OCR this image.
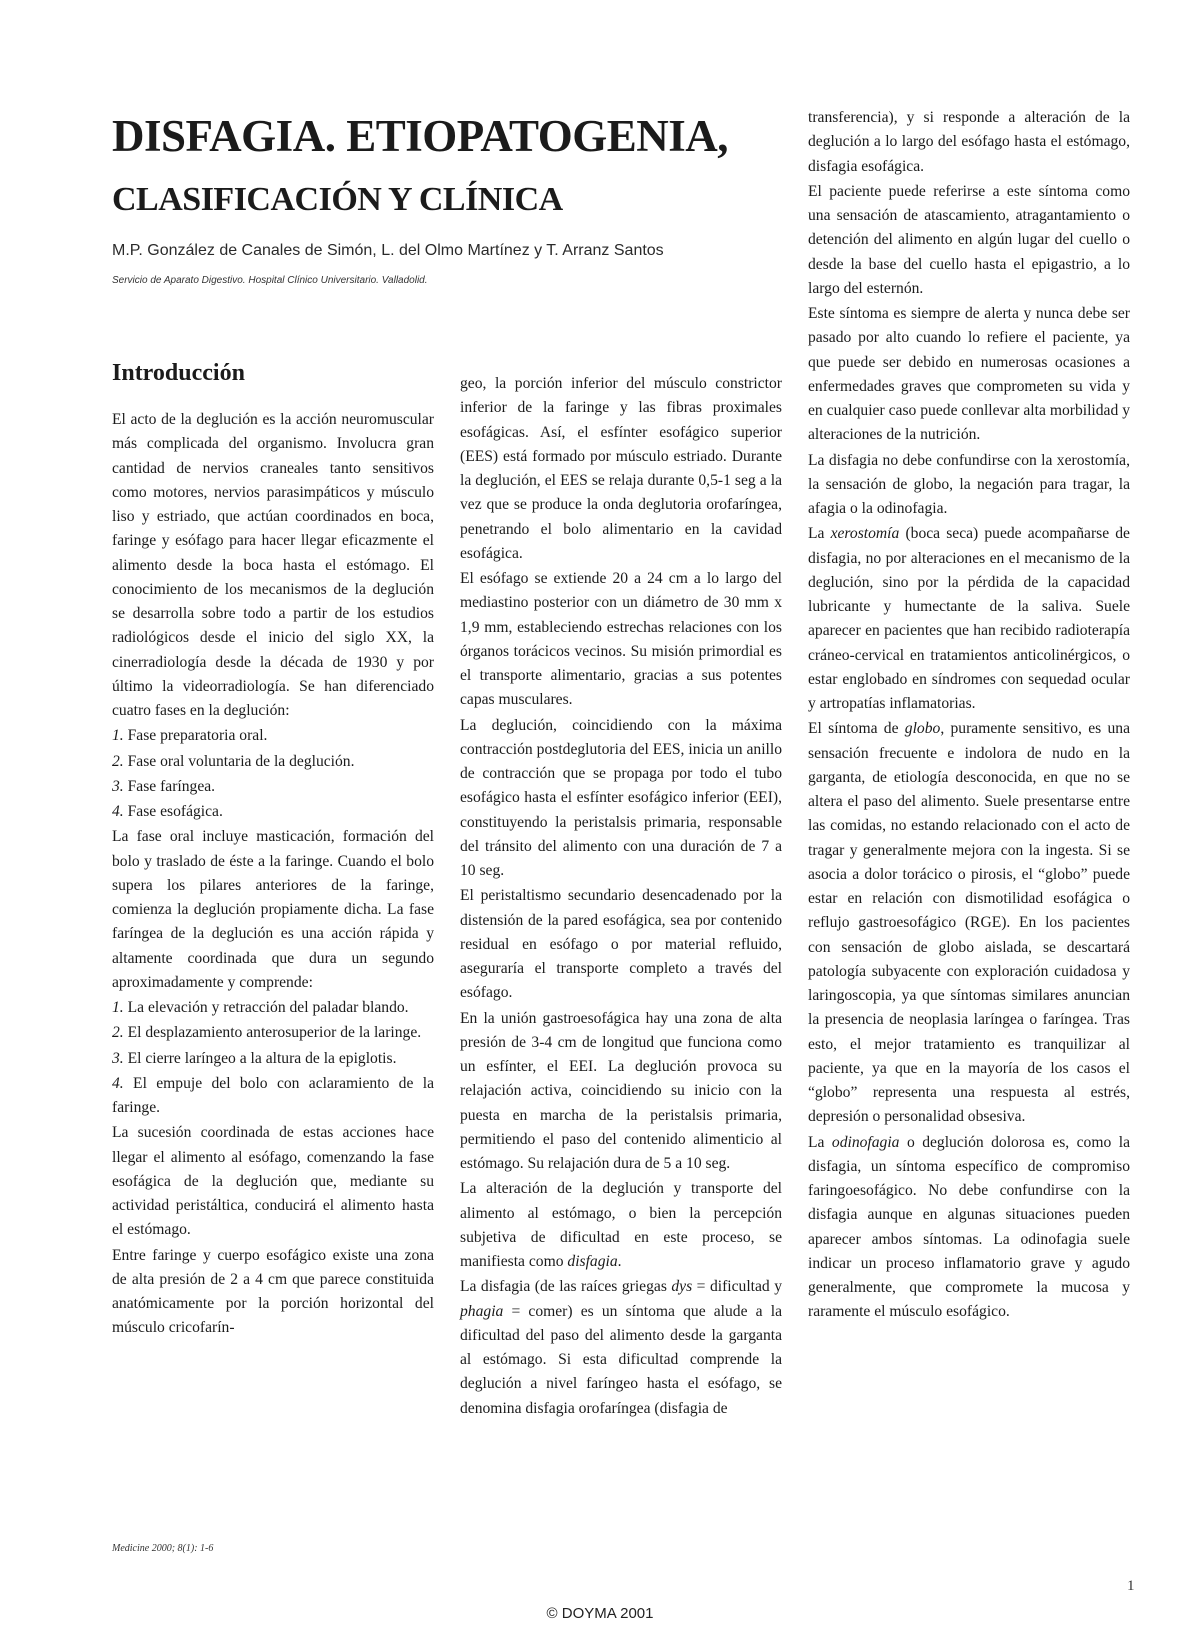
DISFAGIA. ETIOPATOGENIA,
CLASIFICACIÓN Y CLÍNICA

M.P. González de Canales de Simón, L. del Olmo Martínez y T. Arranz Santos

Servicio de Aparato Digestivo. Hospital Clínico Universitario. Valladolid.

Introducción

El acto de la deglución es la acción neuromuscular más complicada del organismo. Involucra gran cantidad de nervios craneales tanto sensitivos como motores, nervios parasimpáticos y músculo liso y estriado, que actúan coordinados en boca, faringe y esófago para hacer llegar eficazmente el alimento desde la boca hasta el estómago. El conocimiento de los mecanismos de la deglución se desarrolla sobre todo a partir de los estudios radiológicos desde el inicio del siglo XX, la cinerradiología desde la década de 1930 y por último la videorradiología. Se han diferenciado cuatro fases en la deglución:

1. Fase preparatoria oral.

2. Fase oral voluntaria de la deglución.

3. Fase faríngea.

4. Fase esofágica.

La fase oral incluye masticación, formación del bolo y traslado de éste a la faringe. Cuando el bolo supera los pilares anteriores de la faringe, comienza la deglución propiamente dicha. La fase faríngea de la deglución es una acción rápida y altamente coordinada que dura un segundo aproximadamente y comprende:

1. La elevación y retracción del paladar blando.

2. El desplazamiento anterosuperior de la laringe.

3. El cierre laríngeo a la altura de la epiglotis.

4. El empuje del bolo con aclaramiento de la faringe.

La sucesión coordinada de estas acciones hace llegar el alimento al esófago, comenzando la fase esofágica de la deglución que, mediante su actividad peristáltica, conducirá el alimento hasta el estómago.

Entre faringe y cuerpo esofágico existe una zona de alta presión de 2 a 4 cm que parece constituida anatómicamente por la porción horizontal del músculo cricofarín-

geo, la porción inferior del músculo constrictor inferior de la faringe y las fibras proximales esofágicas. Así, el esfínter esofágico superior (EES) está formado por músculo estriado. Durante la deglución, el EES se relaja durante 0,5-1 seg a la vez que se produce la onda deglutoria orofaríngea, penetrando el bolo alimentario en la cavidad esofágica.

El esófago se extiende 20 a 24 cm a lo largo del mediastino posterior con un diámetro de 30 mm x 1,9 mm, estableciendo estrechas relaciones con los órganos torácicos vecinos. Su misión primordial es el transporte alimentario, gracias a sus potentes capas musculares.

La deglución, coincidiendo con la máxima contracción postdeglutoria del EES, inicia un anillo de contracción que se propaga por todo el tubo esofágico hasta el esfínter esofágico inferior (EEI), constituyendo la peristalsis primaria, responsable del tránsito del alimento con una duración de 7 a 10 seg.

El peristaltismo secundario desencadenado por la distensión de la pared esofágica, sea por contenido residual en esófago o por material refluido, aseguraría el transporte completo a través del esófago.

En la unión gastroesofágica hay una zona de alta presión de 3-4 cm de longitud que funciona como un esfínter, el EEI. La deglución provoca su relajación activa, coincidiendo su inicio con la puesta en marcha de la peristalsis primaria, permitiendo el paso del contenido alimenticio al estómago. Su relajación dura de 5 a 10 seg.

La alteración de la deglución y transporte del alimento al estómago, o bien la percepción subjetiva de dificultad en este proceso, se manifiesta como disfagia.

La disfagia (de las raíces griegas dys = dificultad y phagia = comer) es un síntoma que alude a la dificultad del paso del alimento desde la garganta al estómago. Si esta dificultad comprende la deglución a nivel faríngeo hasta el esófago, se denomina disfagia orofaríngea (disfagia de

transferencia), y si responde a alteración de la deglución a lo largo del esófago hasta el estómago, disfagia esofágica.

El paciente puede referirse a este síntoma como una sensación de atascamiento, atragantamiento o detención del alimento en algún lugar del cuello o desde la base del cuello hasta el epigastrio, a lo largo del esternón.

Este síntoma es siempre de alerta y nunca debe ser pasado por alto cuando lo refiere el paciente, ya que puede ser debido en numerosas ocasiones a enfermedades graves que comprometen su vida y en cualquier caso puede conllevar alta morbilidad y alteraciones de la nutrición.

La disfagia no debe confundirse con la xerostomía, la sensación de globo, la negación para tragar, la afagia o la odinofagia.

La xerostomía (boca seca) puede acompañarse de disfagia, no por alteraciones en el mecanismo de la deglución, sino por la pérdida de la capacidad lubricante y humectante de la saliva. Suele aparecer en pacientes que han recibido radioterapía cráneo-cervical en tratamientos anticolinérgicos, o estar englobado en síndromes con sequedad ocular y artropatías inflamatorias.

El síntoma de globo, puramente sensitivo, es una sensación frecuente e indolora de nudo en la garganta, de etiología desconocida, en que no se altera el paso del alimento. Suele presentarse entre las comidas, no estando relacionado con el acto de tragar y generalmente mejora con la ingesta. Si se asocia a dolor torácico o pirosis, el “globo” puede estar en relación con dismotilidad esofágica o reflujo gastroesofágico (RGE). En los pacientes con sensación de globo aislada, se descartará patología subyacente con exploración cuidadosa y laringoscopia, ya que síntomas similares anuncian la presencia de neoplasia laríngea o faríngea. Tras esto, el mejor tratamiento es tranquilizar al paciente, ya que en la mayoría de los casos el “globo” representa una respuesta al estrés, depresión o personalidad obsesiva.

La odinofagia o deglución dolorosa es, como la disfagia, un síntoma específico de compromiso faringoesofágico. No debe confundirse con la disfagia aunque en algunas situaciones pueden aparecer ambos síntomas. La odinofagia suele indicar un proceso inflamatorio grave y agudo generalmente, que compromete la mucosa y raramente el músculo esofágico.

Medicine 2000; 8(1): 1-6
1
© DOYMA 2001
